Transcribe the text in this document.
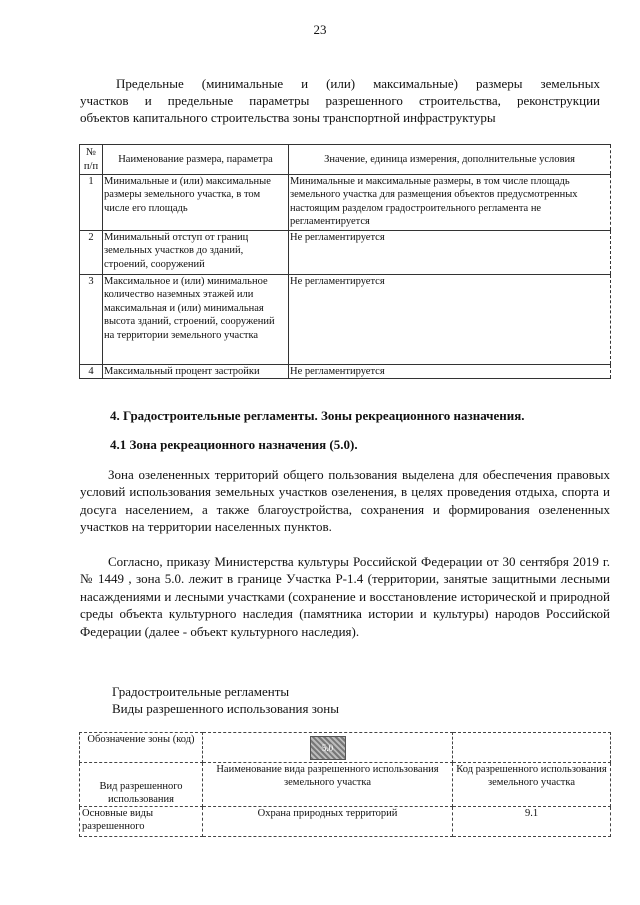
23
Предельные (минимальные и (или) максимальные) размеры земельных
участков и предельные параметры разрешенного строительства, реконструкции
объектов капитального строительства зоны транспортной инфраструктуры
№ п/п	Наименование размера, параметра	Значение, единица измерения, дополнительные условия
1	Минимальные и (или) максимальные размеры земельного участка, в том числе его площадь	Минимальные и максимальные размеры, в том числе площадь земельного участка для размещения объектов предусмотренных настоящим разделом градостроительного регламента не регламентируется
2	Минимальный отступ от границ земельных участков до зданий, строений, сооружений	Не регламентируется
3	Максимальное и (или) минимальное количество наземных этажей или максимальная и (или) минимальная высота зданий, строений, сооружений на территории земельного участка	Не регламентируется
4	Максимальный процент застройки	Не регламентируется
4. Градостроительные регламенты. Зоны рекреационного назначения.
4.1 Зона рекреационного назначения (5.0).
Зона озелененных территорий общего пользования выделена для обеспечения правовых условий использования земельных участков озеленения, в целях проведения отдыха, спорта и досуга населением, а также благоустройства, сохранения и формирования озелененных участков на территории населенных пунктов.
Согласно, приказу Министерства культуры Российской Федерации от 30 сентября 2019 г. № 1449 , зона 5.0. лежит в границе Участка Р-1.4 (территории, занятые защитными лесными насаждениями и лесными участками (сохранение и восстановление исторической и природной среды объекта культурного наследия (памятника истории и культуры) народов Российской Федерации (далее - объект культурного наследия).
Градостроительные регламенты
Виды разрешенного использования зоны
Обозначение зоны (код)	5.0	
Вид разрешенного использования	Наименование вида разрешенного использования земельного участка	Код разрешенного использования земельного участка
Основные виды разрешенного	Охрана природных территорий	9.1
